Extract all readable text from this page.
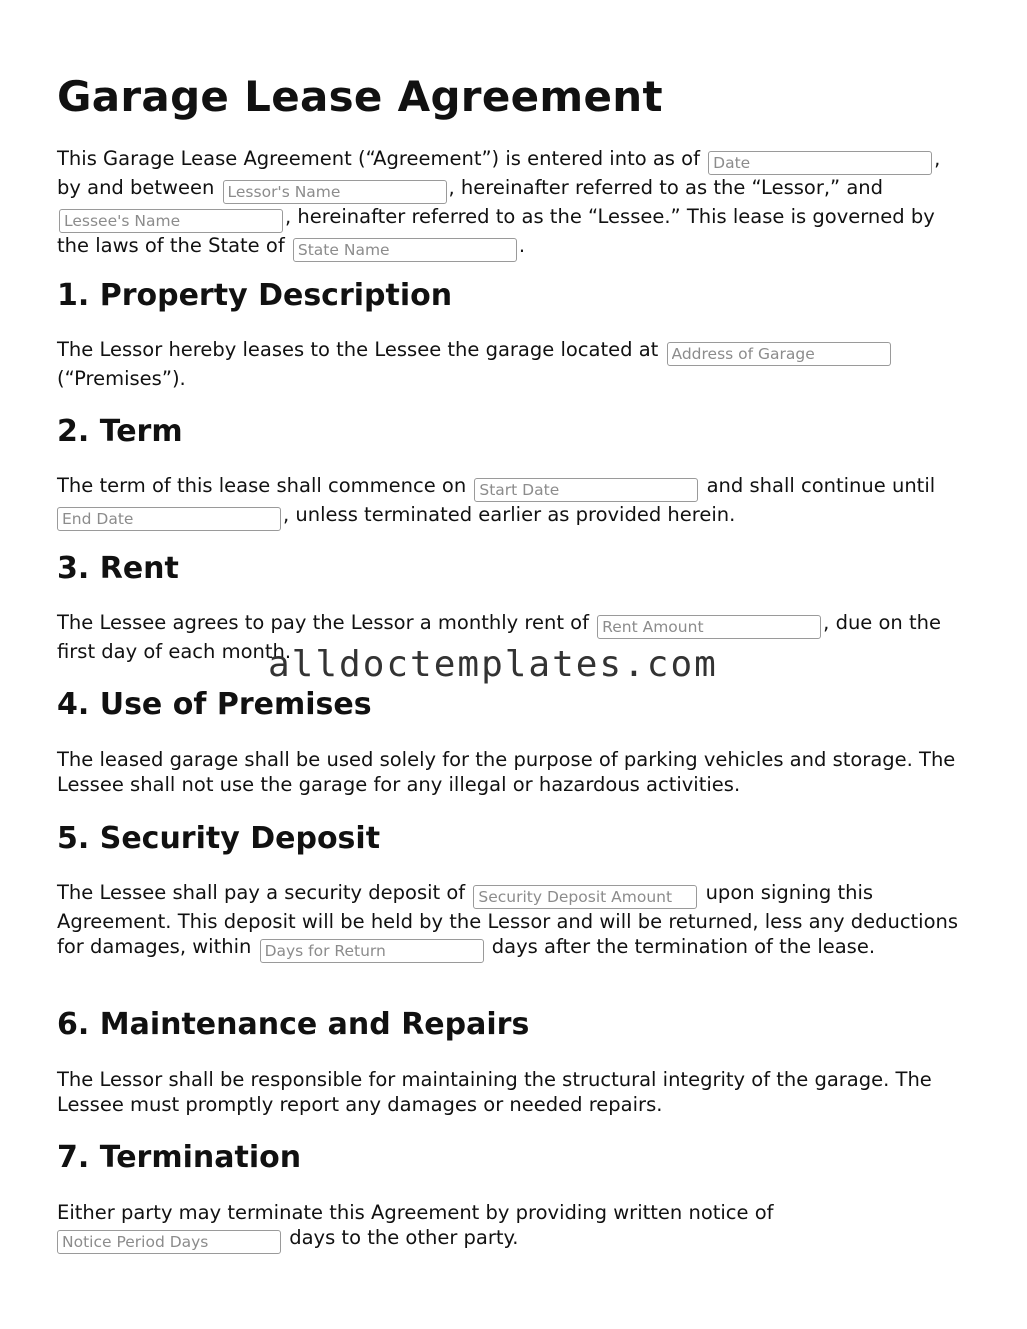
Garage Lease Agreement

This Garage Lease Agreement (“Agreement”) is entered into as of Date	, by and between Lessor's Name	, hereinafter referred to as the “Lessor,” and Lessee's Name, hereinafter referred to as the “Lessee.” This lease is governed by the laws of the State of State Name	.

1. Property Description

The Lessor hereby leases to the Lessee the garage located at Address of Garage
(“Premises”).

2. Term

The term of this lease shall commence on Start Date	and shall continue until
End Date, unless terminated earlier as provided herein.

3. Rent

The Lessee agrees to pay the Lessor a monthly rent of Rent Amount	, due on the first day of each month.

4. Use of Premises

The leased garage shall be used solely for the purpose of parking vehicles and storage. The Lessee shall not use the garage for any illegal or hazardous activities.

5. Security Deposit

The Lessee shall pay a security deposit of Security Deposit Amount	upon signing this Agreement. This deposit will be held by the Lessor and will be returned, less any deductions for damages, within Days for Return	days after the termination of the lease.

6. Maintenance and Repairs

The Lessor shall be responsible for maintaining the structural integrity of the garage. The Lessee must promptly report any damages or needed repairs.

7. Termination

Either party may terminate this Agreement by providing written notice of
Notice Period Days days to the other party.

alldoctemplates.com
